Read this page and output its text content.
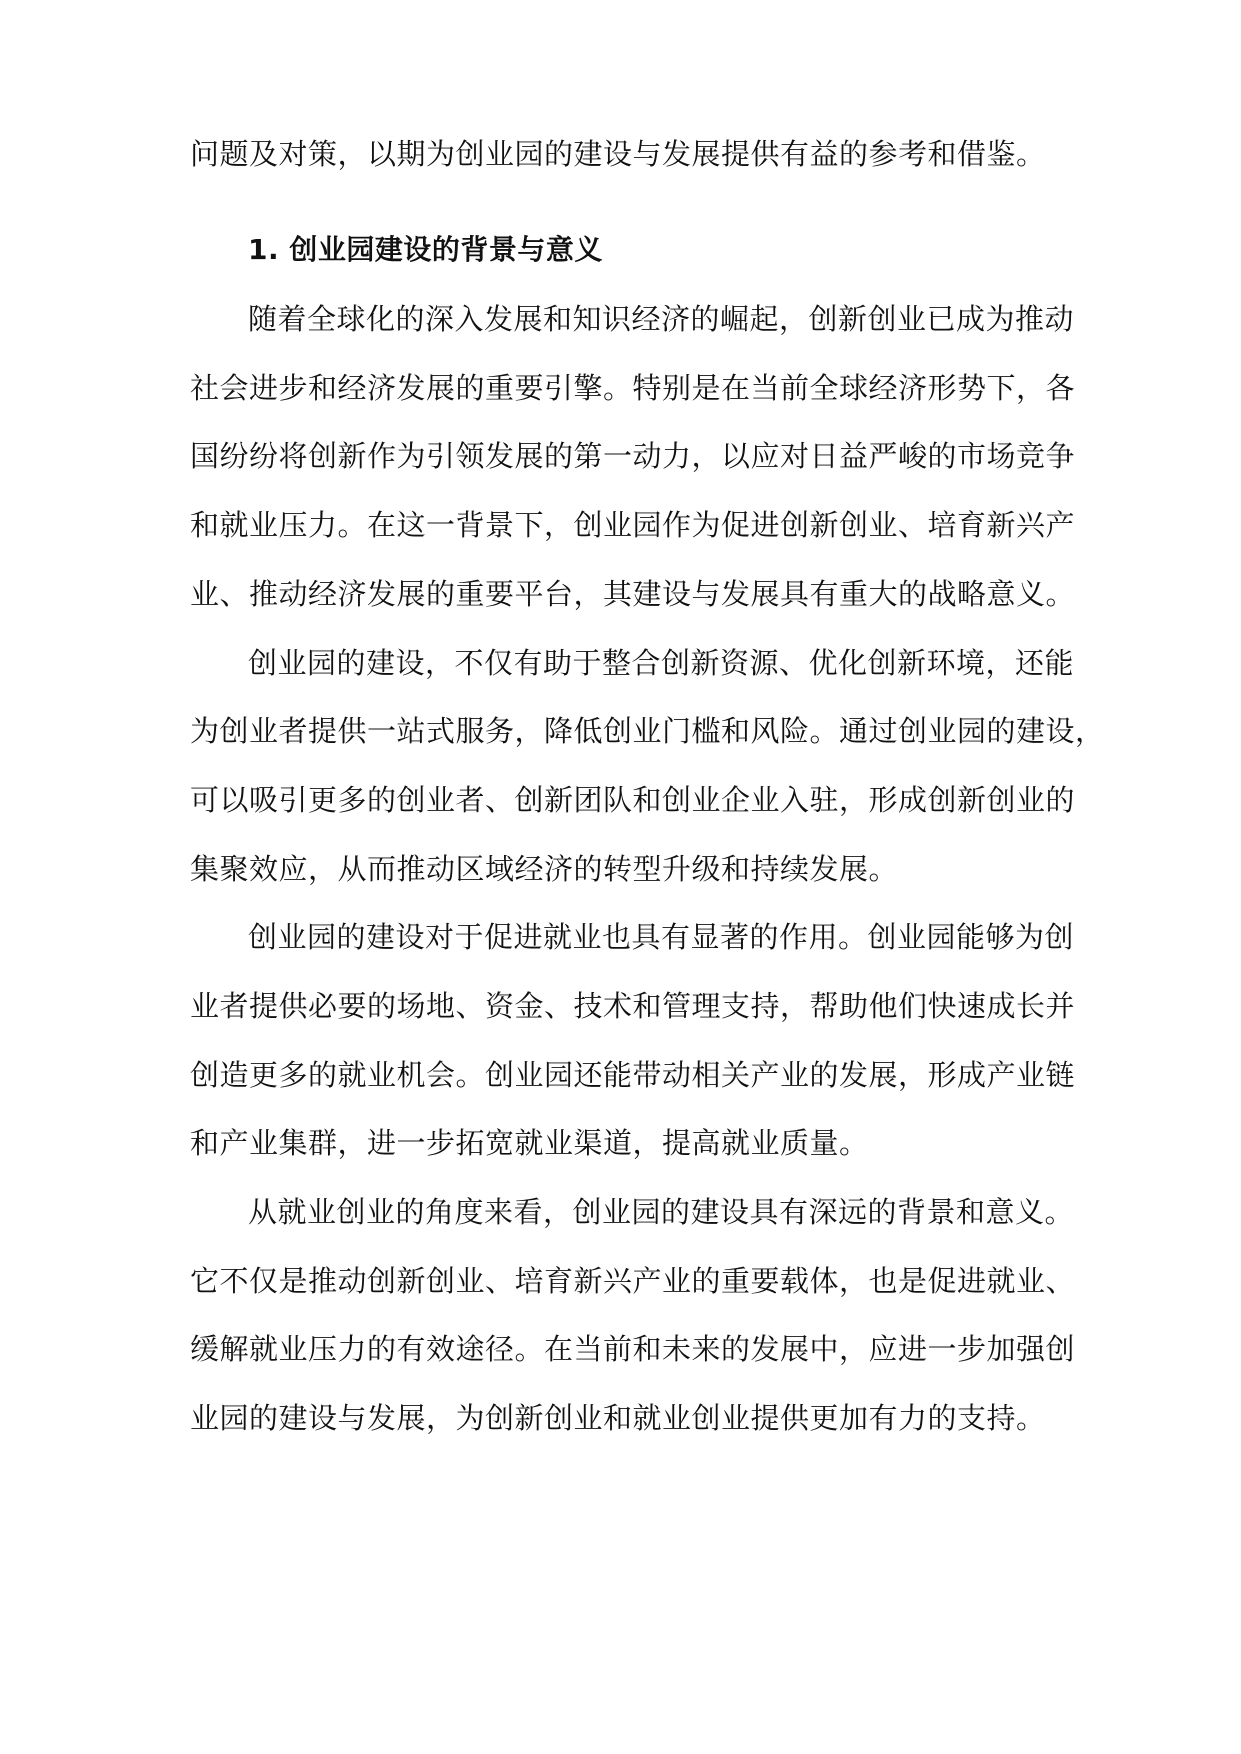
问题及对策，以期为创业园的建设与发展提供有益的参考和借鉴。
1. 创业园建设的背景与意义
随着全球化的深入发展和知识经济的崛起，创新创业已成为推动
社会进步和经济发展的重要引擎。特别是在当前全球经济形势下，各
国纷纷将创新作为引领发展的第一动力，以应对日益严峻的市场竞争
和就业压力。在这一背景下，创业园作为促进创新创业、培育新兴产
业、推动经济发展的重要平台，其建设与发展具有重大的战略意义。
创业园的建设，不仅有助于整合创新资源、优化创新环境，还能
为创业者提供一站式服务，降低创业门槛和风险。通过创业园的建设，
可以吸引更多的创业者、创新团队和创业企业入驻，形成创新创业的
集聚效应，从而推动区域经济的转型升级和持续发展。
创业园的建设对于促进就业也具有显著的作用。创业园能够为创
业者提供必要的场地、资金、技术和管理支持，帮助他们快速成长并
创造更多的就业机会。创业园还能带动相关产业的发展，形成产业链
和产业集群，进一步拓宽就业渠道，提高就业质量。
从就业创业的角度来看，创业园的建设具有深远的背景和意义。
它不仅是推动创新创业、培育新兴产业的重要载体，也是促进就业、
缓解就业压力的有效途径。在当前和未来的发展中，应进一步加强创
业园的建设与发展，为创新创业和就业创业提供更加有力的支持。
